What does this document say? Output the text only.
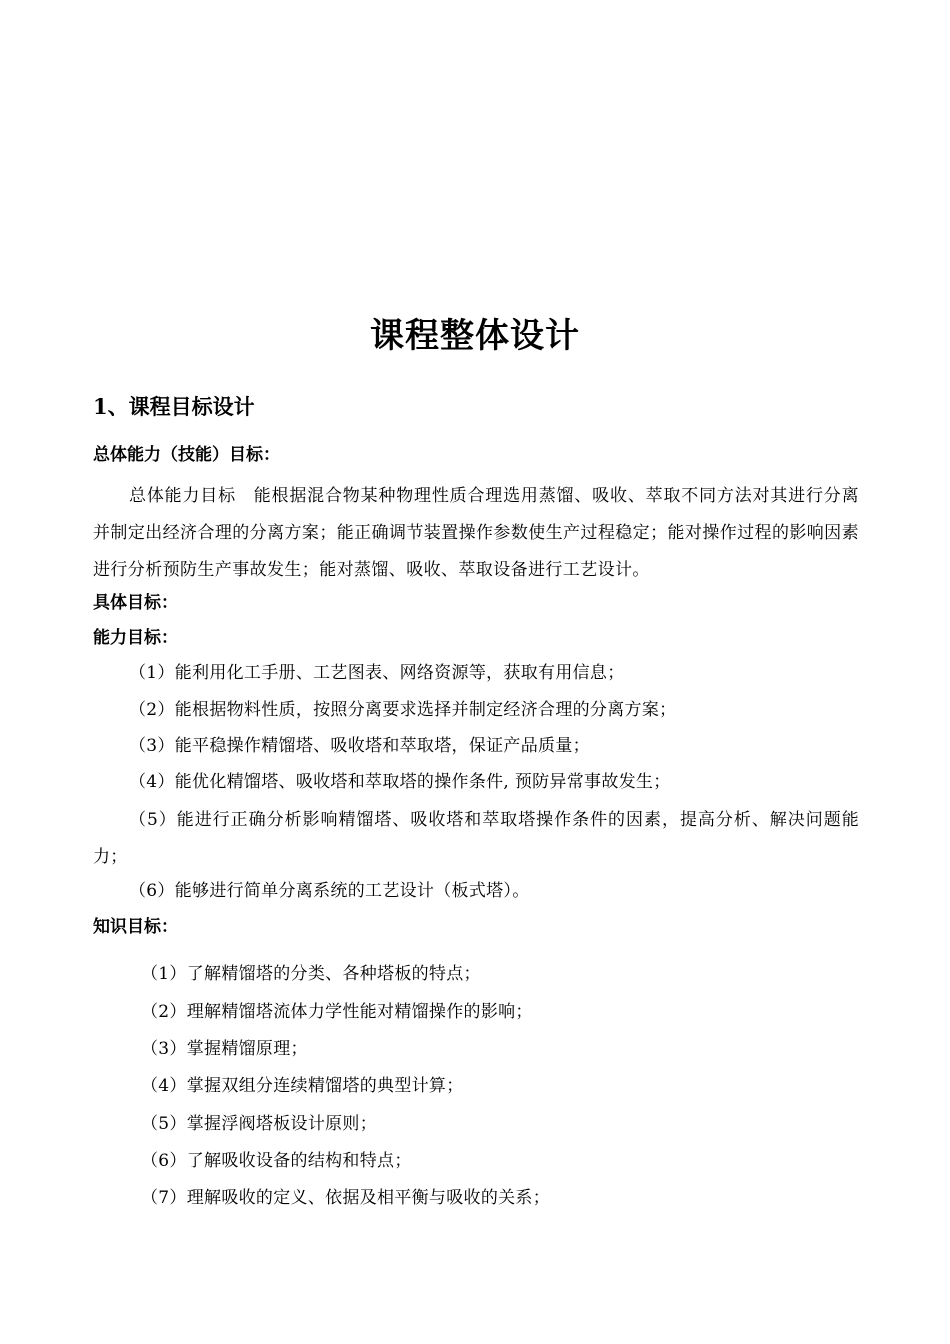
课程整体设计
1、课程目标设计
总体能力（技能）目标：
总体能力目标　能根据混合物某种物理性质合理选用蒸馏、吸收、萃取不同方法对其进行分离并制定出经济合理的分离方案；能正确调节装置操作参数使生产过程稳定；能对操作过程的影响因素进行分析预防生产事故发生；能对蒸馏、吸收、萃取设备进行工艺设计。
具体目标：
能力目标：
（1）能利用化工手册、工艺图表、网络资源等，获取有用信息；
（2）能根据物料性质，按照分离要求选择并制定经济合理的分离方案；
（3）能平稳操作精馏塔、吸收塔和萃取塔，保证产品质量；
（4）能优化精馏塔、吸收塔和萃取塔的操作条件, 预防异常事故发生；
（5）能进行正确分析影响精馏塔、吸收塔和萃取塔操作条件的因素，提高分析、解决问题能力；
（6）能够进行简单分离系统的工艺设计（板式塔）。
知识目标：
（1）了解精馏塔的分类、各种塔板的特点；
（2）理解精馏塔流体力学性能对精馏操作的影响；
（3）掌握精馏原理；
（4）掌握双组分连续精馏塔的典型计算；
（5）掌握浮阀塔板设计原则；
（6）了解吸收设备的结构和特点；
（7）理解吸收的定义、依据及相平衡与吸收的关系；
